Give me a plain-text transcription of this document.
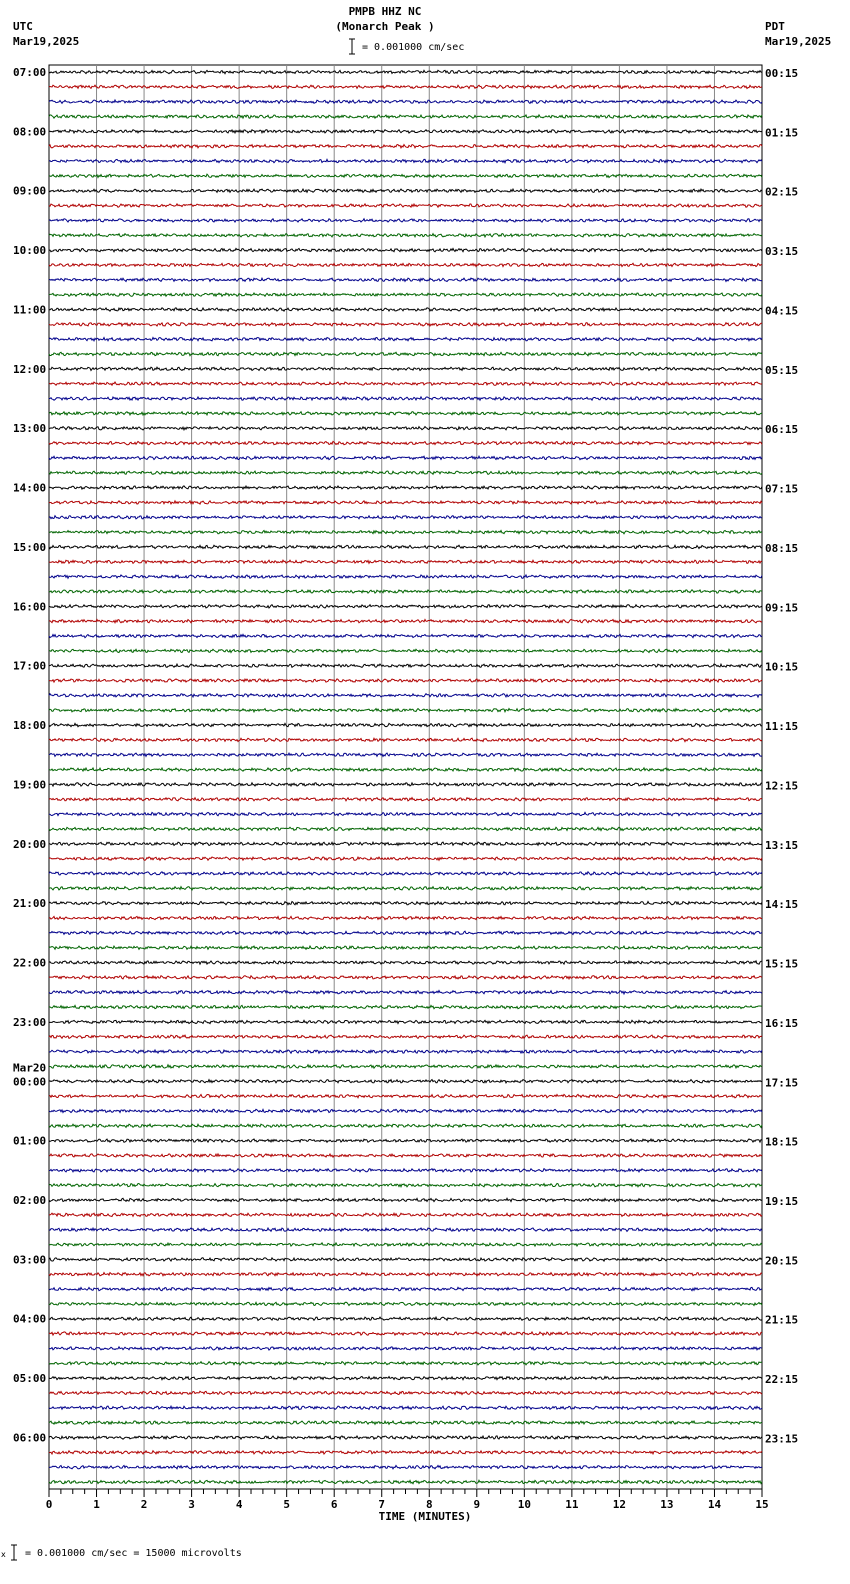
PMPB HHZ NC
(Monarch Peak )
= 0.001000 cm/sec
UTC
Mar19,2025
PDT
Mar19,2025
07:00
08:00
09:00
10:00
11:00
12:00
13:00
14:00
15:00
16:00
17:00
18:00
19:00
20:00
21:00
22:00
23:00
00:00
Mar20
01:00
02:00
03:00
04:00
05:00
06:00
00:15
01:15
02:15
03:15
04:15
05:15
06:15
07:15
08:15
09:15
10:15
11:15
12:15
13:15
14:15
15:15
16:15
17:15
18:15
19:15
20:15
21:15
22:15
23:15
0	1	2	3	4	5	6	7	8	9	10	11	12	13	14	15
TIME (MINUTES)
x = 0.001000 cm/sec = 15000 microvolts
